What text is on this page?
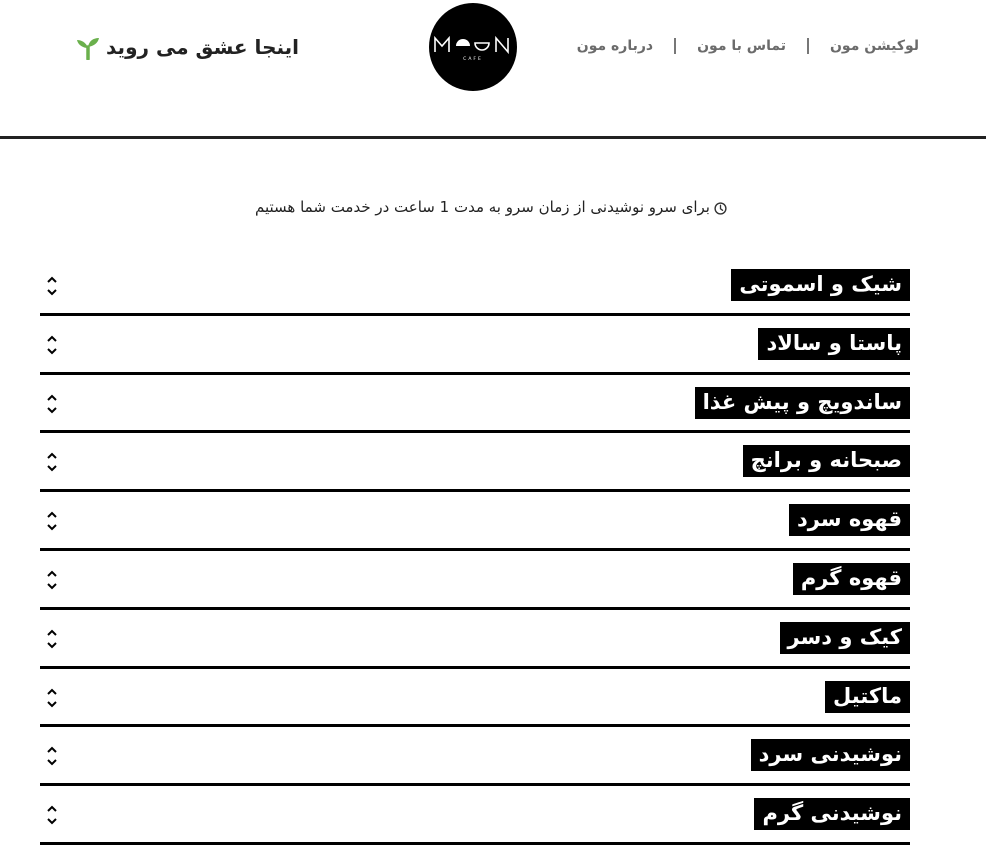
اینجا عشق می روید
CAFE
لوکیشن مون
تماس با مون
درباره مون
برای سرو نوشیدنی از زمان سرو به مدت 1 ساعت در خدمت شما هستیم
شیک و اسموتی
پاستا و سالاد
ساندویچ و پیش غذا
صبحانه و برانچ
قهوه سرد
قهوه گرم
کیک و دسر
ماکتیل
نوشیدنی سرد
نوشیدنی گرم
